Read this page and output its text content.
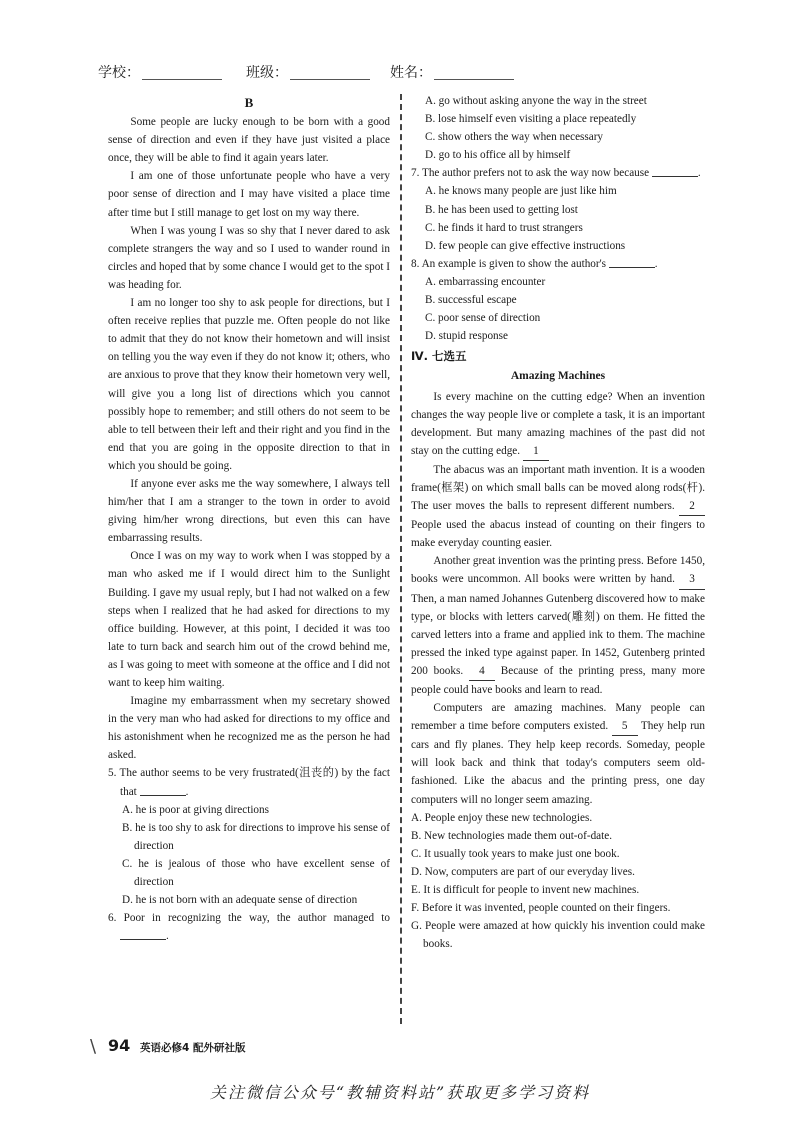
学校：	班级：	姓名：
B

Some people are lucky enough to be born with a good sense of direction and even if they have just visited a place once, they will be able to find it again years later.

I am one of those unfortunate people who have a very poor sense of direction and I may have visited a place time after time but I still manage to get lost on my way there.

When I was young I was so shy that I never dared to ask complete strangers the way and so I used to wander round in circles and hoped that by some chance I would get to the spot I was heading for.

I am no longer too shy to ask people for directions, but I often receive replies that puzzle me. Often people do not like to admit that they do not know their hometown and will insist on telling you the way even if they do not know it; others, who are anxious to prove that they know their hometown very well, will give you a long list of directions which you cannot possibly hope to remember; and still others do not seem to be able to tell between their left and their right and you find in the end that you are going in the opposite direction to that in which you should be going.

If anyone ever asks me the way somewhere, I always tell him/her that I am a stranger to the town in order to avoid giving him/her wrong directions, but even this can have embarrassing results.

Once I was on my way to work when I was stopped by a man who asked me if I would direct him to the Sunlight Building. I gave my usual reply, but I had not walked on a few steps when I realized that he had asked for directions to my office building. However, at this point, I decided it was too late to turn back and search him out of the crowd behind me, as I was going to meet with someone at the office and I did not want to keep him waiting.

Imagine my embarrassment when my secretary showed in the very man who had asked for directions to my office and his astonishment when he recognized me as the person he had asked.

5. The author seems to be very frustrated(沮丧的) by the fact that	.

A. he is poor at giving directions

B. he is too shy to ask for directions to improve his sense of direction

C. he is jealous of those who have excellent sense of direction

D. he is not born with an adequate sense of direction

6. Poor in recognizing the way, the author managed to .

A. go without asking anyone the way in the street

B. lose himself even visiting a place repeatedly

C. show others the way when necessary

D. go to his office all by himself

7. The author prefers not to ask the way now because	.

A. he knows many people are just like him

B. he has been used to getting lost

C. he finds it hard to trust strangers

D. few people can give effective instructions

8. An example is given to show the author's	.

A. embarrassing encounter

B. successful escape

C. poor sense of direction

D. stupid response

Ⅳ. 七选五
Amazing Machines

Is every machine on the cutting edge? When an invention changes the way people live or complete a task, it is an important development. But many amazing machines of the past did not stay on the cutting edge. 1

The abacus was an important math invention. It is a wooden frame(框架) on which small balls can be moved along rods(杆). The user moves the balls to represent different numbers. 2 People used the abacus instead of counting on their fingers to make everyday counting easier.

Another great invention was the printing press. Before 1450, books were uncommon. All books were written by hand. 3 Then, a man named Johannes Gutenberg discovered how to make type, or blocks with letters carved(雕刻) on them. He fitted the carved letters into a frame and applied ink to them. The machine pressed the inked type against paper. In 1452, Gutenberg printed 200 books. 4 Because of the printing press, many more people could have books and learn to read.

Computers are amazing machines. Many people can remember a time before computers existed. 5 They help run cars and fly planes. They help keep records. Someday, people will look back and think that today's computers seem old-fashioned. Like the abacus and the printing press, one day computers will no longer seem amazing.

A. People enjoy these new technologies.

B. New technologies made them out-of-date.

C. It usually took years to make just one book.

D. Now, computers are part of our everyday lives.

E. It is difficult for people to invent new machines.

F. Before it was invented, people counted on their fingers.

G. People were amazed at how quickly his invention could make books.

\ 94 英语必修4 配外研社版
关注微信公众号“教辅资料站”获取更多学习资料
